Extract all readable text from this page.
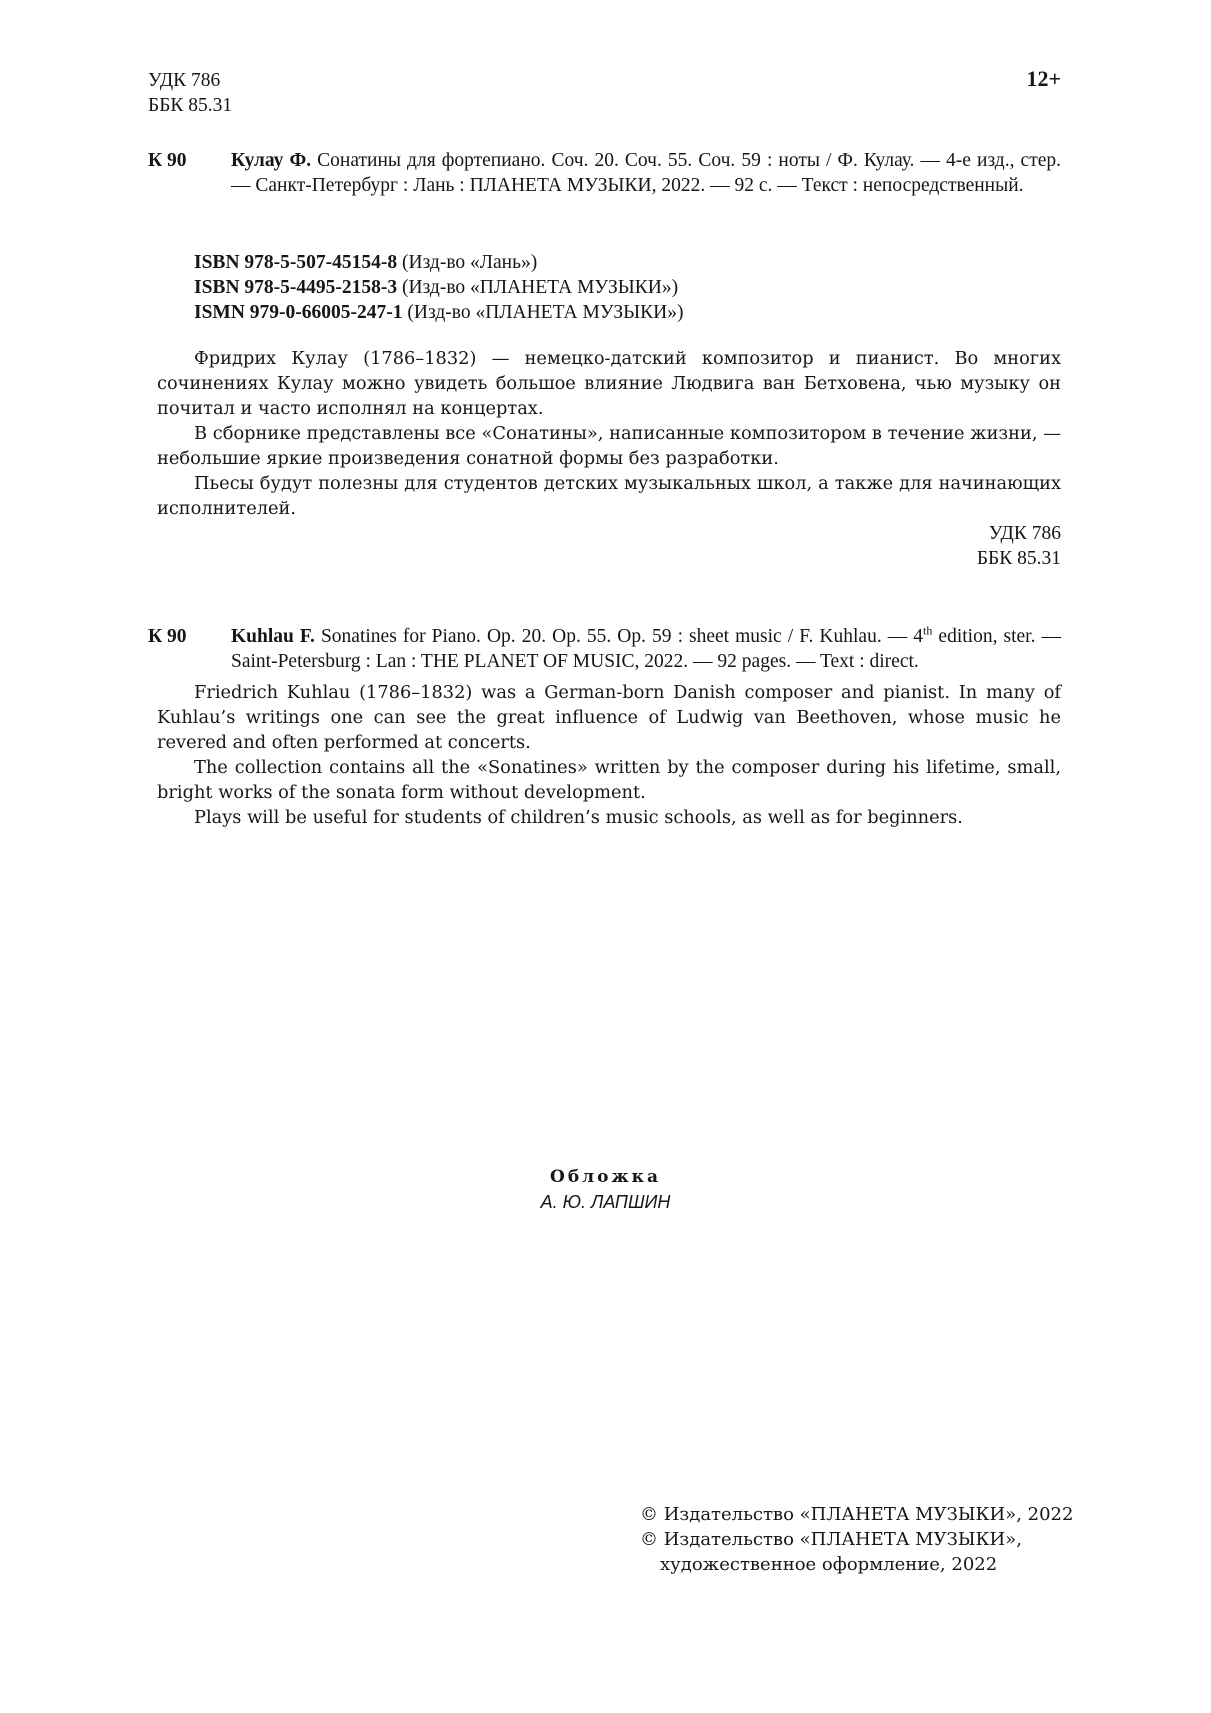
УДК 786
ББК 85.31
12+
К 90 Кулау Ф. Сонатины для фортепиано. Соч. 20. Соч. 55. Соч. 59 : ноты / Ф. Кулау. — 4-е изд., стер. — Санкт-Петербург : Лань : ПЛАНЕТА МУЗЫКИ, 2022. — 92 с. — Текст : непосредственный.
ISBN 978-5-507-45154-8 (Изд-во «Лань»)
ISBN 978-5-4495-2158-3 (Изд-во «ПЛАНЕТА МУЗЫКИ»)
ISMN 979-0-66005-247-1 (Изд-во «ПЛАНЕТА МУЗЫКИ»)

Фридрих Кулау (1786–1832) — немецко-датский композитор и пианист. Во многих сочинениях Кулау можно увидеть большое влияние Людвига ван Бетховена, чью музыку он почитал и часто исполнял на концертах.

В сборнике представлены все «Сонатины», написанные композитором в течение жизни, — небольшие яркие произведения сонатной формы без разработки.

Пьесы будут полезны для студентов детских музыкальных школ, а также для начинающих исполнителей.

УДК 786
ББК 85.31
К 90 Kuhlau F. Sonatines for Piano. Op. 20. Op. 55. Op. 59 : sheet music / F. Kuhlau. — 4th edition, ster. — Saint-Petersburg : Lan : THE PLANET OF MUSIC, 2022. — 92 pages. — Text : direct.

Friedrich Kuhlau (1786–1832) was a German-born Danish composer and pianist. In many of Kuhlau’s writings one can see the great influence of Ludwig van Beethoven, whose music he revered and often performed at concerts.

The collection contains all the «Sonatines» written by the composer during his lifetime, small, bright works of the sonata form without development.

Plays will be useful for students of children’s music schools, as well as for beginners.

Обложка
А. Ю. ЛАПШИН
© Издательство «ПЛАНЕТА МУЗЫКИ», 2022
© Издательство «ПЛАНЕТА МУЗЫКИ»,
художественное оформление, 2022
